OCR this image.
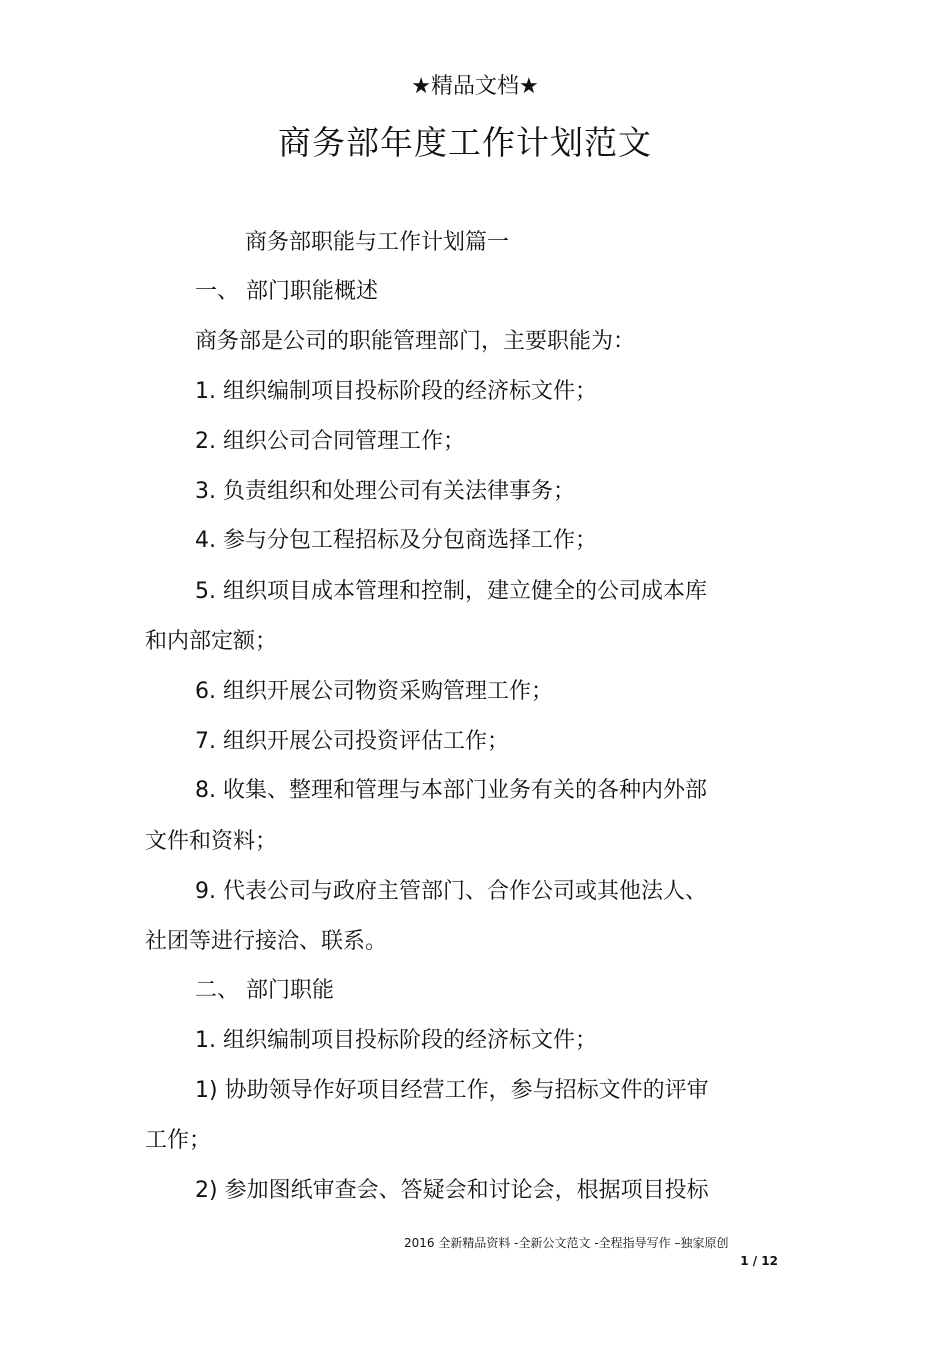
★精品文档★
商务部年度工作计划范文
商务部职能与工作计划篇一
一、 部门职能概述
商务部是公司的职能管理部门，主要职能为：
1. 组织编制项目投标阶段的经济标文件；
2. 组织公司合同管理工作；
3. 负责组织和处理公司有关法律事务；
4. 参与分包工程招标及分包商选择工作；
5. 组织项目成本管理和控制，建立健全的公司成本库
和内部定额；
6. 组织开展公司物资采购管理工作；
7. 组织开展公司投资评估工作；
8. 收集、整理和管理与本部门业务有关的各种内外部
文件和资料；
9. 代表公司与政府主管部门、合作公司或其他法人、
社团等进行接洽、联系。
二、 部门职能
1. 组织编制项目投标阶段的经济标文件；
1) 协助领导作好项目经营工作，参与招标文件的评审
工作；
2) 参加图纸审查会、答疑会和讨论会，根据项目投标
2016 全新精品资料 -全新公文范文 -全程指导写作 –独家原创
1 / 12
